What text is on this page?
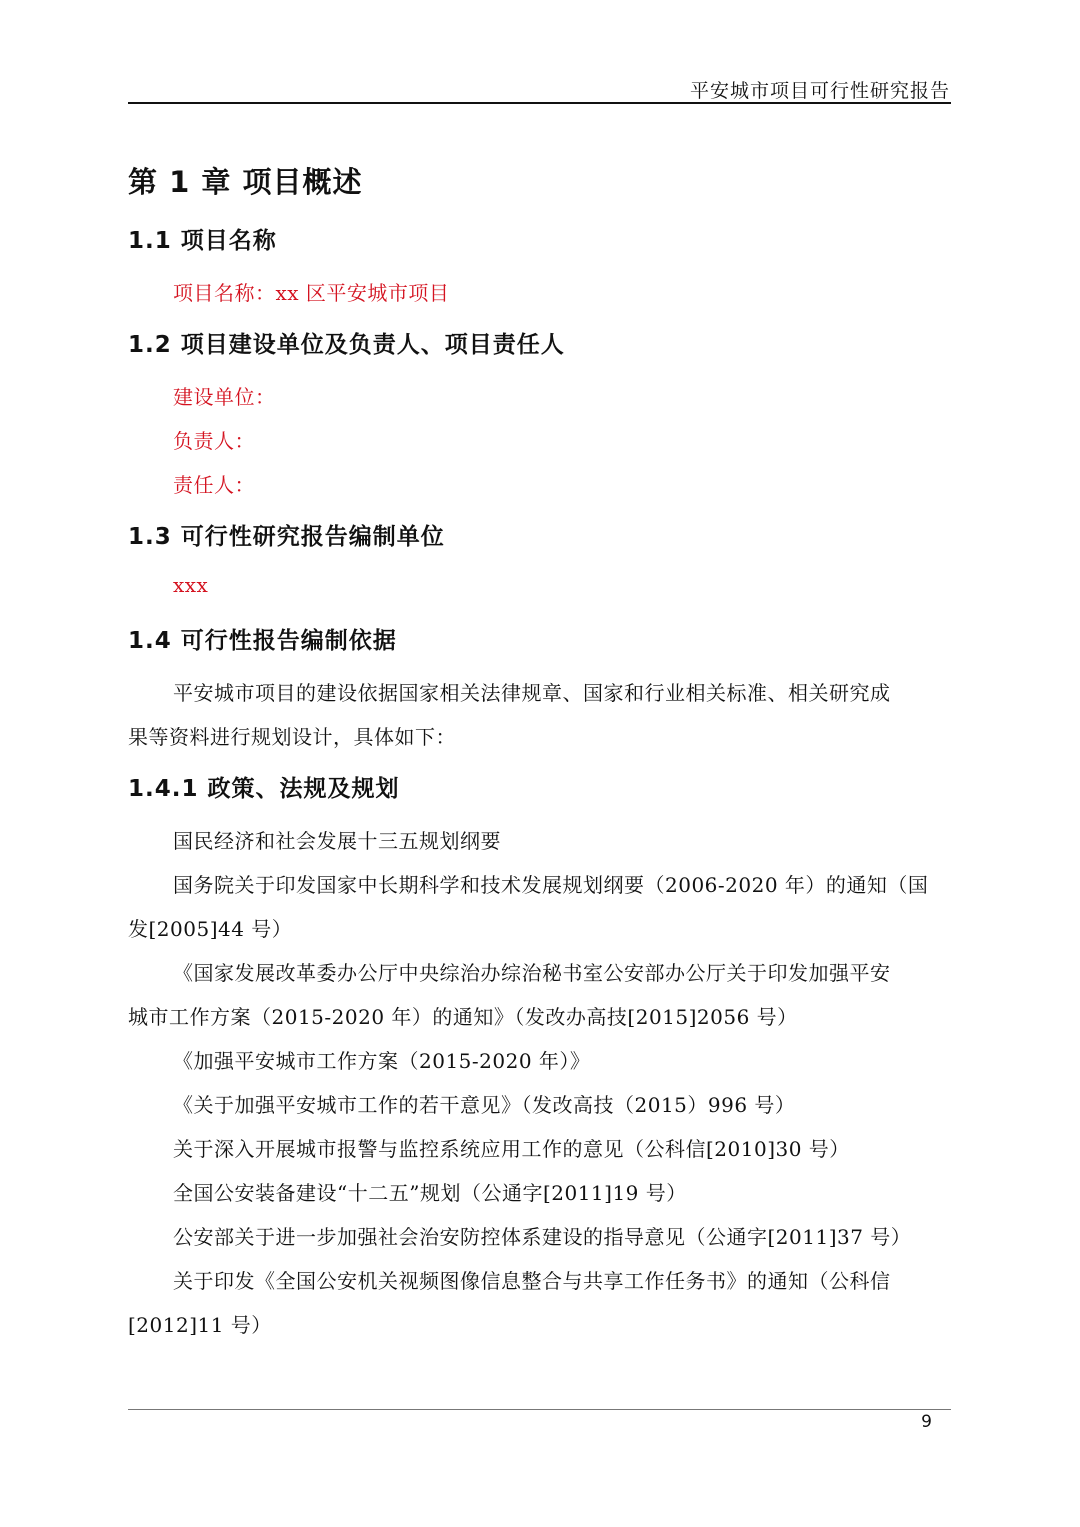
平安城市项目可行性研究报告
第 1 章 项目概述
1.1 项目名称
项目名称：xx 区平安城市项目
1.2 项目建设单位及负责人、项目责任人
建设单位：
负责人：
责任人：
1.3 可行性研究报告编制单位
xxx
1.4 可行性报告编制依据
平安城市项目的建设依据国家相关法律规章、国家和行业相关标准、相关研究成
果等资料进行规划设计，具体如下：
1.4.1 政策、法规及规划
国民经济和社会发展十三五规划纲要
国务院关于印发国家中长期科学和技术发展规划纲要（2006-2020 年）的通知（国
发[2005]44 号）
《国家发展改革委办公厅中央综治办综治秘书室公安部办公厅关于印发加强平安
城市工作方案（2015-2020 年）的通知》（发改办高技[2015]2056 号）
《加强平安城市工作方案（2015-2020 年）》
《关于加强平安城市工作的若干意见》（发改高技（2015）996 号）
关于深入开展城市报警与监控系统应用工作的意见（公科信[2010]30 号）
全国公安装备建设“十二五”规划（公通字[2011]19 号）
公安部关于进一步加强社会治安防控体系建设的指导意见（公通字[2011]37 号）
关于印发《全国公安机关视频图像信息整合与共享工作任务书》的通知（公科信
[2012]11 号）
9
